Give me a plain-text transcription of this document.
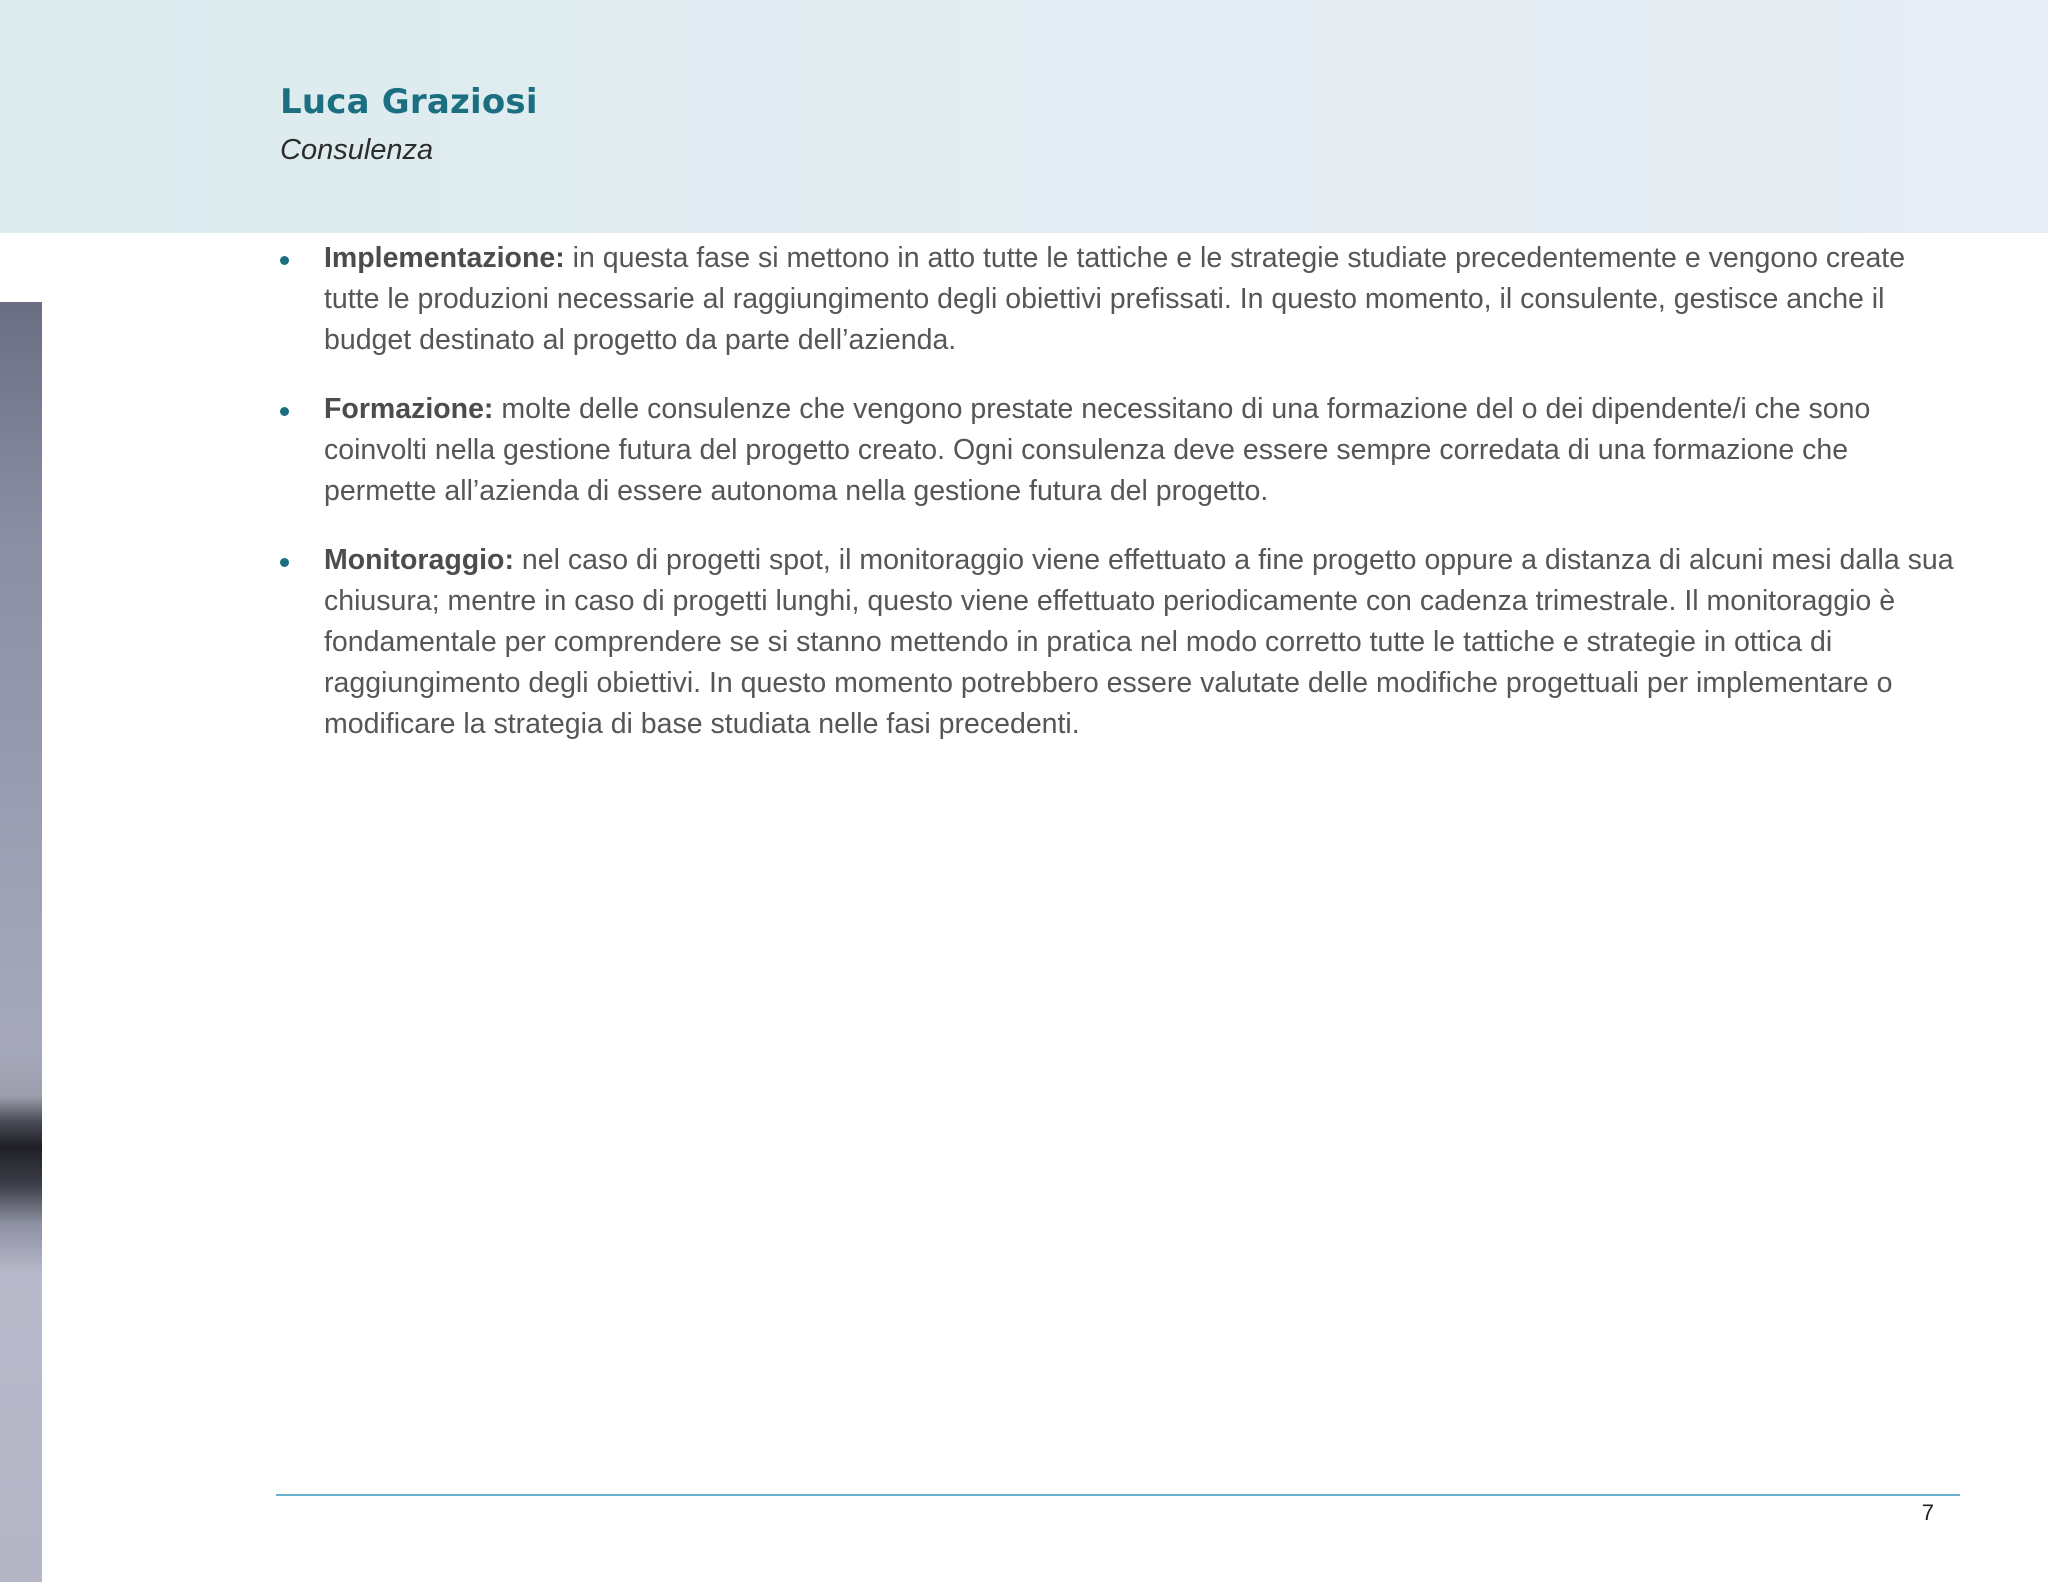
Luca Graziosi
Consulenza
Implementazione: in questa fase si mettono in atto tutte le tattiche e le strategie studiate precedentemente e vengono create tutte le produzioni necessarie al raggiungimento degli obiettivi prefissati. In questo momento, il consulente, gestisce anche il budget destinato al progetto da parte dell’azienda.
Formazione: molte delle consulenze che vengono prestate necessitano di una formazione del o dei dipendente/i che sono coinvolti nella gestione futura del progetto creato. Ogni consulenza deve essere sempre corredata di una formazione che permette all’azienda di essere autonoma nella gestione futura del progetto.
Monitoraggio: nel caso di progetti spot, il monitoraggio viene effettuato a fine progetto oppure a distanza di alcuni mesi dalla sua chiusura; mentre in caso di progetti lunghi, questo viene effettuato periodicamente con cadenza trimestrale. Il monitoraggio è fondamentale per comprendere se si stanno mettendo in pratica nel modo corretto tutte le tattiche e strategie in ottica di raggiungimento degli obiettivi. In questo momento potrebbero essere valutate delle modifiche progettuali per implementare o modificare la strategia di base studiata nelle fasi precedenti.
7
